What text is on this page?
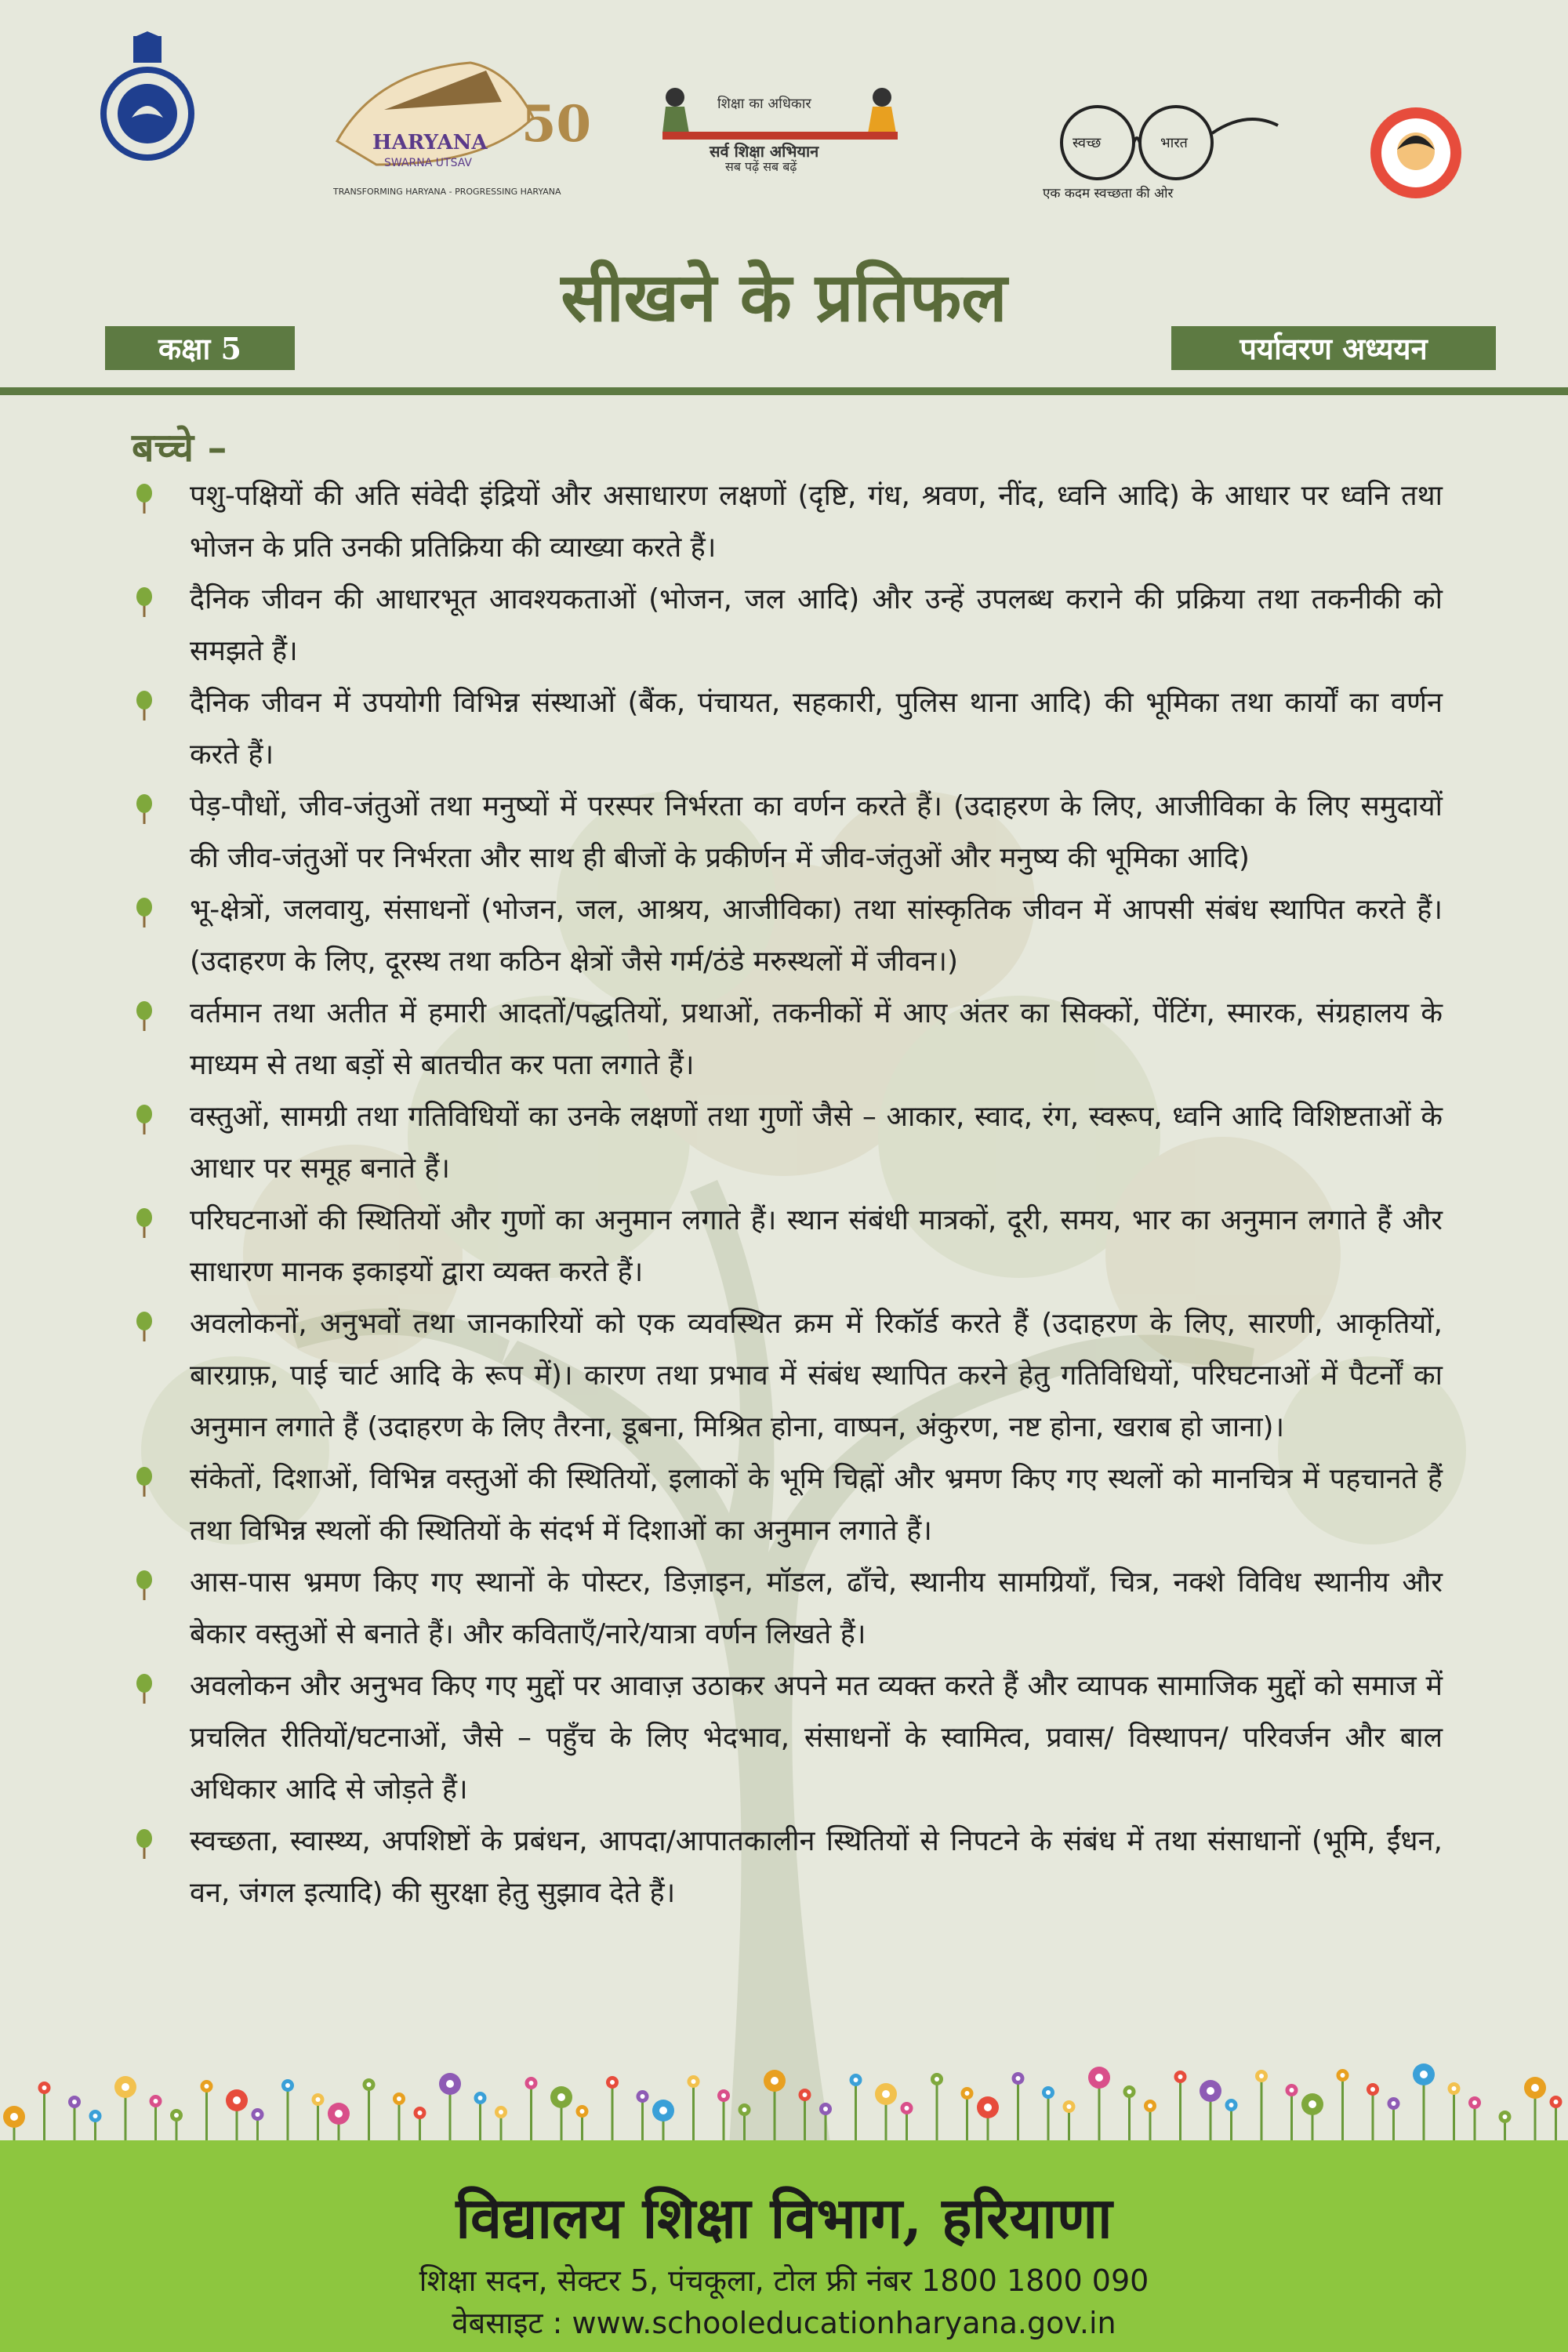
50
HARYANA
SWARNA UTSAV
TRANSFORMING HARYANA - PROGRESSING HARYANA
शिक्षा का अधिकार
सर्व शिक्षा अभियान
सब पढ़ें सब बढ़ें
स्वच्छ	भारत
एक कदम स्वच्छता की ओर
सीखने के प्रतिफल
कक्षा 5	पर्यावरण अध्ययन
बच्चे –
पशु-पक्षियों की अति संवेदी इंद्रियों और असाधारण लक्षणों (दृष्टि, गंध, श्रवण, नींद, ध्वनि आदि) के आधार पर ध्वनि तथा भोजन के प्रति उनकी प्रतिक्रिया की व्याख्या करते हैं।
दैनिक जीवन की आधारभूत आवश्यकताओं (भोजन, जल आदि) और उन्हें उपलब्ध कराने की प्रक्रिया तथा तकनीकी को समझते हैं।
दैनिक जीवन में उपयोगी विभिन्न संस्थाओं (बैंक, पंचायत, सहकारी, पुलिस थाना आदि) की भूमिका तथा कार्यों का वर्णन करते हैं।
पेड़-पौधों, जीव-जंतुओं तथा मनुष्यों में परस्पर निर्भरता का वर्णन करते हैं। (उदाहरण के लिए, आजीविका के लिए समुदायों की जीव-जंतुओं पर निर्भरता और साथ ही बीजों के प्रकीर्णन में जीव-जंतुओं और मनुष्य की भूमिका आदि)
भू-क्षेत्रों, जलवायु, संसाधनों (भोजन, जल, आश्रय, आजीविका) तथा सांस्कृतिक जीवन में आपसी संबंध स्थापित करते हैं। (उदाहरण के लिए, दूरस्थ तथा कठिन क्षेत्रों जैसे गर्म/ठंडे मरुस्थलों में जीवन।)
वर्तमान तथा अतीत में हमारी आदतों/पद्धतियों, प्रथाओं, तकनीकों में आए अंतर का सिक्कों, पेंटिंग, स्मारक, संग्रहालय के माध्यम से तथा बड़ों से बातचीत कर पता लगाते हैं।
वस्तुओं, सामग्री तथा गतिविधियों का उनके लक्षणों तथा गुणों जैसे – आकार, स्वाद, रंग, स्वरूप, ध्वनि आदि विशिष्टताओं के आधार पर समूह बनाते हैं।
परिघटनाओं की स्थितियों और गुणों का अनुमान लगाते हैं। स्थान संबंधी मात्रकों, दूरी, समय, भार का अनुमान लगाते हैं और साधारण मानक इकाइयों द्वारा व्यक्त करते हैं।
अवलोकनों, अनुभवों तथा जानकारियों को एक व्यवस्थित क्रम में रिकॉर्ड करते हैं (उदाहरण के लिए, सारणी, आकृतियों, बारग्राफ़, पाई चार्ट आदि के रूप में)। कारण तथा प्रभाव में संबंध स्थापित करने हेतु गतिविधियों, परिघटनाओं में पैटर्नों का अनुमान लगाते हैं (उदाहरण के लिए तैरना, डूबना, मिश्रित होना, वाष्पन, अंकुरण, नष्ट होना, खराब हो जाना)।
संकेतों, दिशाओं, विभिन्न वस्तुओं की स्थितियों, इलाकों के भूमि चिह्नों और भ्रमण किए गए स्थलों को मानचित्र में पहचानते हैं तथा विभिन्न स्थलों की स्थितियों के संदर्भ में दिशाओं का अनुमान लगाते हैं।
आस-पास भ्रमण किए गए स्थानों के पोस्टर, डिज़ाइन, मॉडल, ढाँचे, स्थानीय सामग्रियाँ, चित्र, नक्शे विविध स्थानीय और बेकार वस्तुओं से बनाते हैं। और कविताएँ/नारे/यात्रा वर्णन लिखते हैं।
अवलोकन और अनुभव किए गए मुद्दों पर आवाज़ उठाकर अपने मत व्यक्त करते हैं और व्यापक सामाजिक मुद्दों को समाज में प्रचलित रीतियों/घटनाओं, जैसे – पहुँच के लिए भेदभाव, संसाधनों के स्वामित्व, प्रवास/ विस्थापन/ परिवर्जन और बाल अधिकार आदि से जोड़ते हैं।
स्वच्छता, स्वास्थ्य, अपशिष्टों के प्रबंधन, आपदा/आपातकालीन स्थितियों से निपटने के संबंध में तथा संसाधानों (भूमि, ईंधन, वन, जंगल इत्यादि) की सुरक्षा हेतु सुझाव देते हैं।

विद्यालय शिक्षा विभाग, हरियाणा

शिक्षा सदन, सेक्टर 5, पंचकूला, टोल फ्री नंबर 1800 1800 090

वेबसाइट : www.schooleducationharyana.gov.in
